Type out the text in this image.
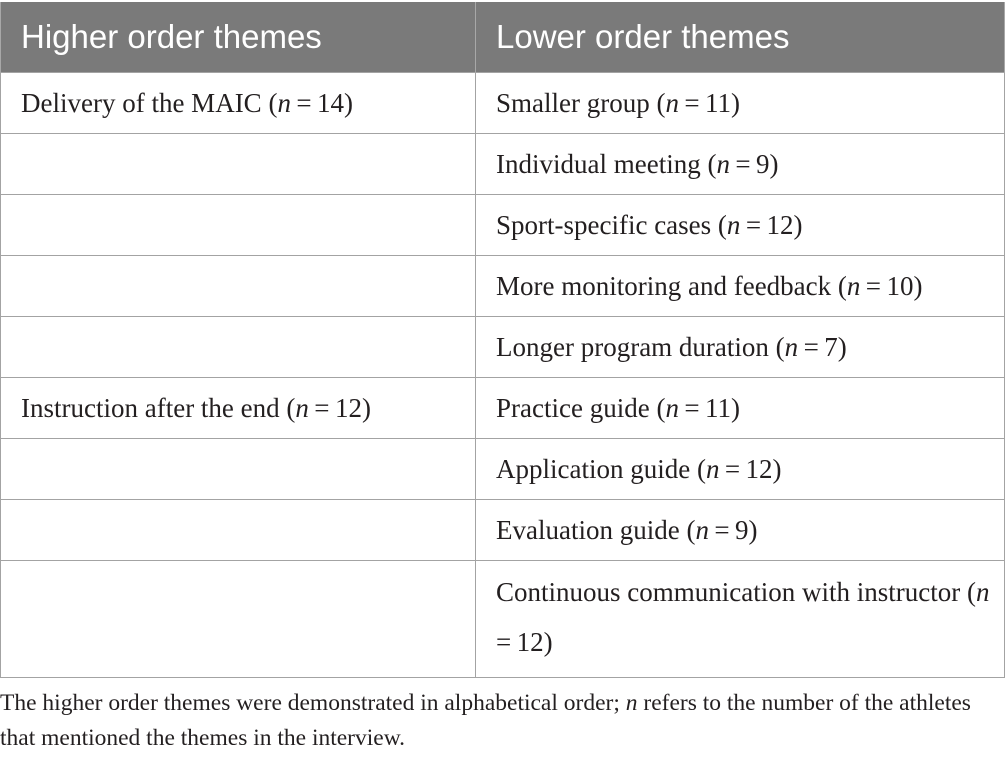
Higher order themes	Lower order themes
Delivery of the MAIC (n = 14)	Smaller group (n = 11)
	Individual meeting (n = 9)
	Sport-specific cases (n = 12)
	More monitoring and feedback (n = 10)
	Longer program duration (n = 7)
Instruction after the end (n = 12)	Practice guide (n = 11)
	Application guide (n = 12)
	Evaluation guide (n = 9)
	Continuous communication with instructor (n = 12)

The higher order themes were demonstrated in alphabetical order; n refers to the number of the athletes that mentioned the themes in the interview.
